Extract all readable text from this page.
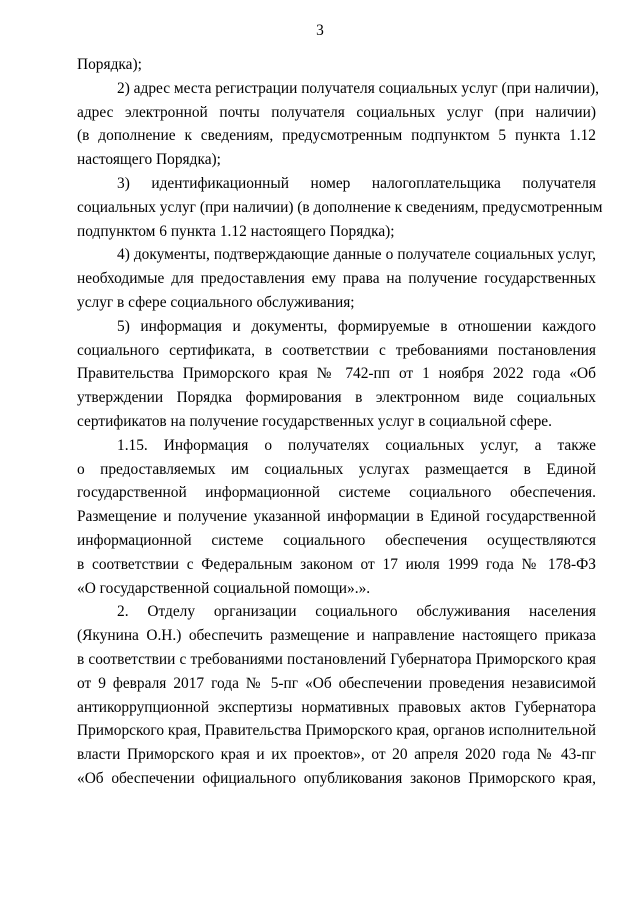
3
Порядка);
2) адрес места регистрации получателя социальных услуг (при наличии),
адрес электронной почты получателя социальных услуг (при наличии)
(в дополнение к сведениям, предусмотренным подпунктом 5 пункта 1.12
настоящего Порядка);
3) идентификационный номер налогоплательщика получателя
социальных услуг (при наличии) (в дополнение к сведениям, предусмотренным
подпунктом 6 пункта 1.12 настоящего Порядка);
4) документы, подтверждающие данные о получателе социальных услуг,
необходимые для предоставления ему права на получение государственных
услуг в сфере социального обслуживания;
5) информация и документы, формируемые в отношении каждого
социального сертификата, в соответствии с требованиями постановления
Правительства Приморского края № 742-пп от 1 ноября 2022 года «Об
утверждении Порядка формирования в электронном виде социальных
сертификатов на получение государственных услуг в социальной сфере.
1.15. Информация о получателях социальных услуг, а также
о предоставляемых им социальных услугах размещается в Единой
государственной информационной системе социального обеспечения.
Размещение и получение указанной информации в Единой государственной
информационной системе социального обеспечения осуществляются
в соответствии с Федеральным законом от 17 июля 1999 года № 178-ФЗ
«О государственной социальной помощи».».
2. Отделу организации социального обслуживания населения
(Якунина О.Н.) обеспечить размещение и направление настоящего приказа
в соответствии с требованиями постановлений Губернатора Приморского края
от 9 февраля 2017 года № 5-пг «Об обеспечении проведения независимой
антикоррупционной экспертизы нормативных правовых актов Губернатора
Приморского края, Правительства Приморского края, органов исполнительной
власти Приморского края и их проектов», от 20 апреля 2020 года № 43-пг
«Об обеспечении официального опубликования законов Приморского края,
